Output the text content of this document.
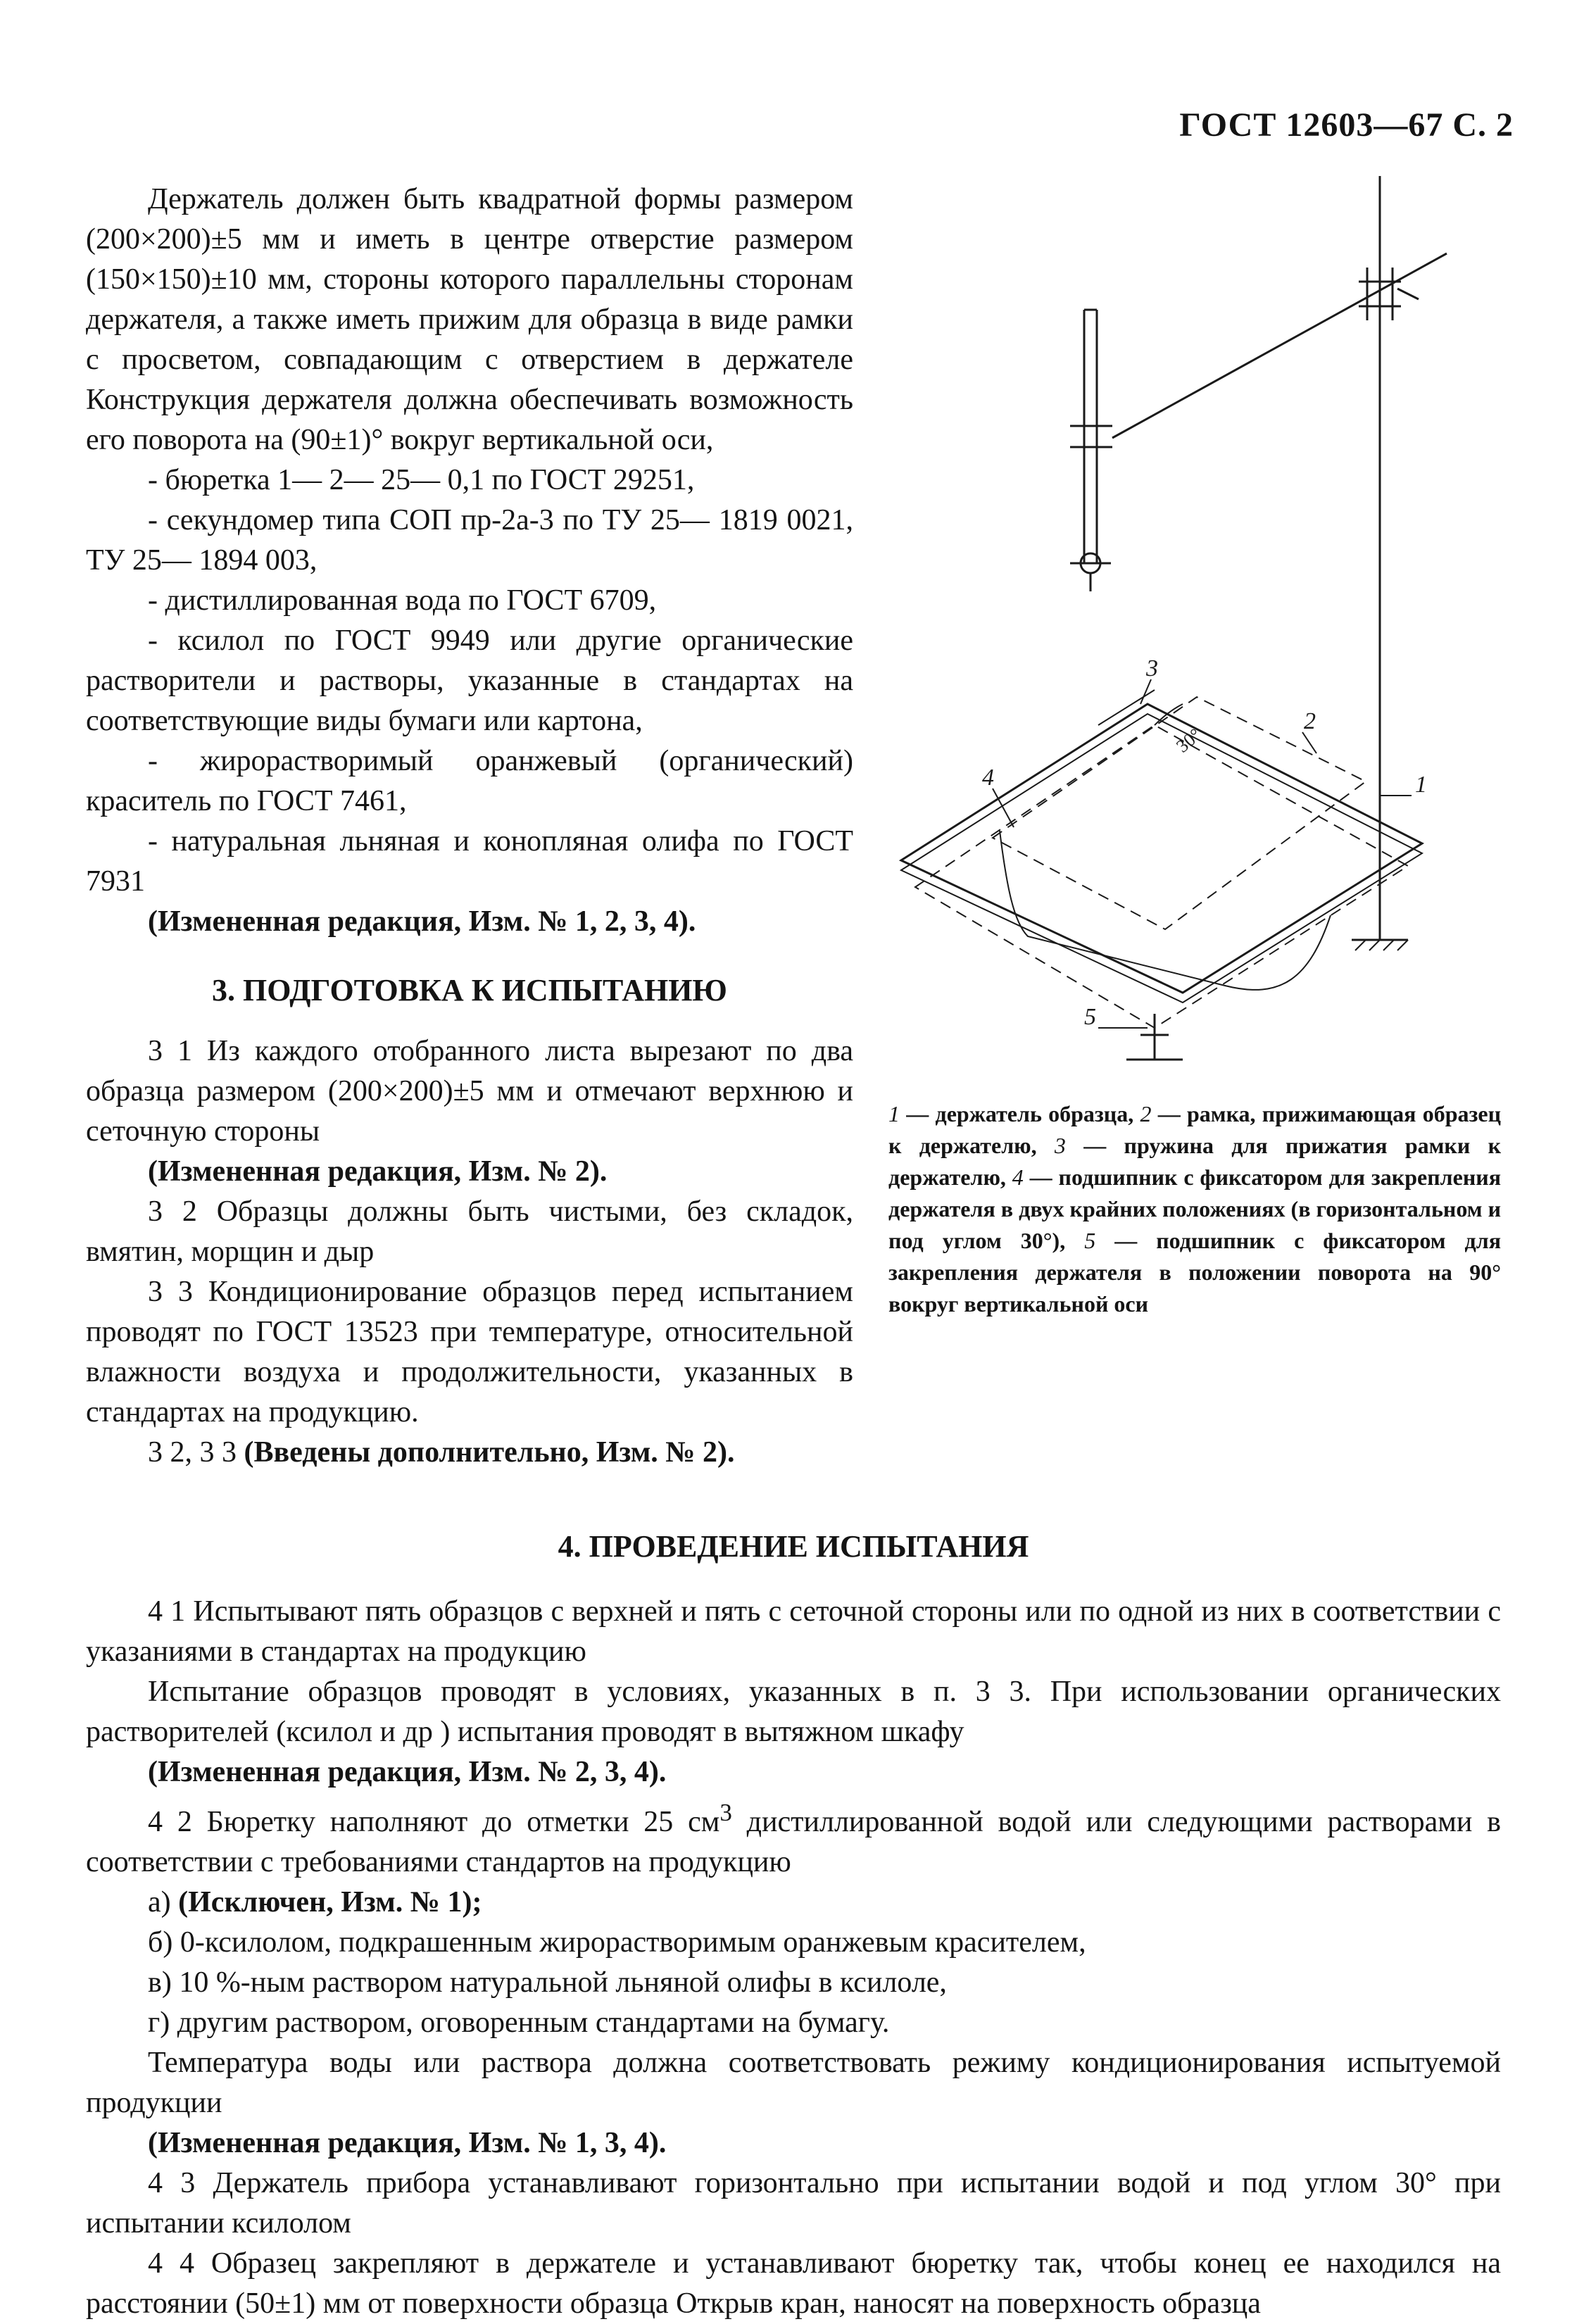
ГОСТ 12603—67 С. 2

Держатель должен быть квадратной формы размером (200×200)±5 мм и иметь в центре отверстие размером (150×150)±10 мм, стороны которого параллельны сторонам держателя, а также иметь прижим для образца в виде рамки с просветом, совпадающим с отверстием в держателе Конструкция держателя должна обеспечивать возможность его поворота на (90±1)° вокруг вертикальной оси,

- бюретка 1— 2— 25— 0,1 по ГОСТ 29251,

- секундомер типа СОП пр-2а-3 по ТУ 25— 1819 0021, ТУ 25— 1894 003,

- дистиллированная вода по ГОСТ 6709,

- ксилол по ГОСТ 9949 или другие органические растворители и растворы, указанные в стандартах на соответствующие виды бумаги или картона,

- жирорастворимый оранжевый (органический) краситель по ГОСТ 7461,

- натуральная льняная и конопляная олифа по ГОСТ 7931

(Измененная редакция, Изм. № 1, 2, 3, 4).

3. ПОДГОТОВКА К ИСПЫТАНИЮ

3 1 Из каждого отобранного листа вырезают по два образца размером (200×200)±5 мм и отмечают верхнюю и сеточную стороны

(Измененная редакция, Изм. № 2).

3 2 Образцы должны быть чистыми, без складок, вмятин, морщин и дыр

3 3 Кондиционирование образцов перед испытанием проводят по ГОСТ 13523 при температуре, относительной влажности воздуха и продолжительности, указанных в стандартах на продукцию.

3 2, 3 3 (Введены дополнительно, Изм. № 2).

1
2
3
4
5
30°
1 — держатель образца, 2 — рамка, прижимающая образец к держателю, 3 — пружина для прижатия рамки к держателю, 4 — подшипник с фиксатором для закрепления держателя в двух крайних положениях (в горизонтальном и под углом 30°), 5 — подшипник с фиксатором для закрепления держателя в положении поворота на 90° вокруг вертикальной оси

4. ПРОВЕДЕНИЕ ИСПЫТАНИЯ

4 1 Испытывают пять образцов с верхней и пять с сеточной стороны или по одной из них в соответствии с указаниями в стандартах на продукцию

Испытание образцов проводят в условиях, указанных в п. 3 3. При использовании органических растворителей (ксилол и др ) испытания проводят в вытяжном шкафу

(Измененная редакция, Изм. № 2, 3, 4).

4 2 Бюретку наполняют до отметки 25 $см^3$ дистиллированной водой или следующими растворами в соответствии с требованиями стандартов на продукцию

а) (Исключен, Изм. № 1);

б) 0-ксилолом, подкрашенным жирорастворимым оранжевым красителем,

в) 10 %-ным раствором натуральной льняной олифы в ксилоле,

г) другим раствором, оговоренным стандартами на бумагу.

Температура воды или раствора должна соответствовать режиму кондиционирования испытуемой продукции

(Измененная редакция, Изм. № 1, 3, 4).

4 3 Держатель прибора устанавливают горизонтально при испытании водой и под углом 30° при испытании ксилолом

4 4 Образец закрепляют в держателе и устанавливают бюретку так, чтобы конец ее находился на расстоянии (50±1) мм от поверхности образца Открыв кран, наносят на поверхность образца
